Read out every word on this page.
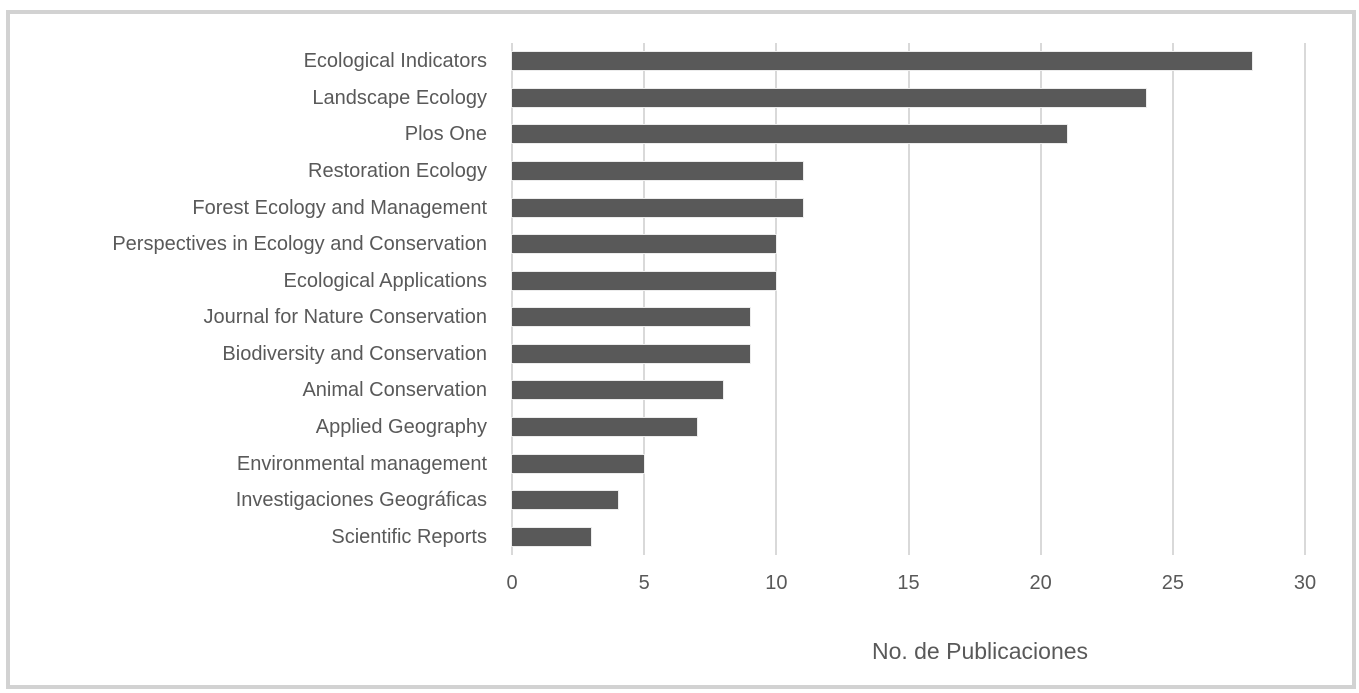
Ecological Indicators
Landscape Ecology
Plos One
Restoration Ecology
Forest Ecology and Management
Perspectives in Ecology and Conservation
Ecological Applications
Journal for Nature Conservation
Biodiversity and Conservation
Animal Conservation
Applied Geography
Environmental management
Investigaciones Geográficas
Scientific Reports
0	5	10	15	20	25	30
No. de Publicaciones
